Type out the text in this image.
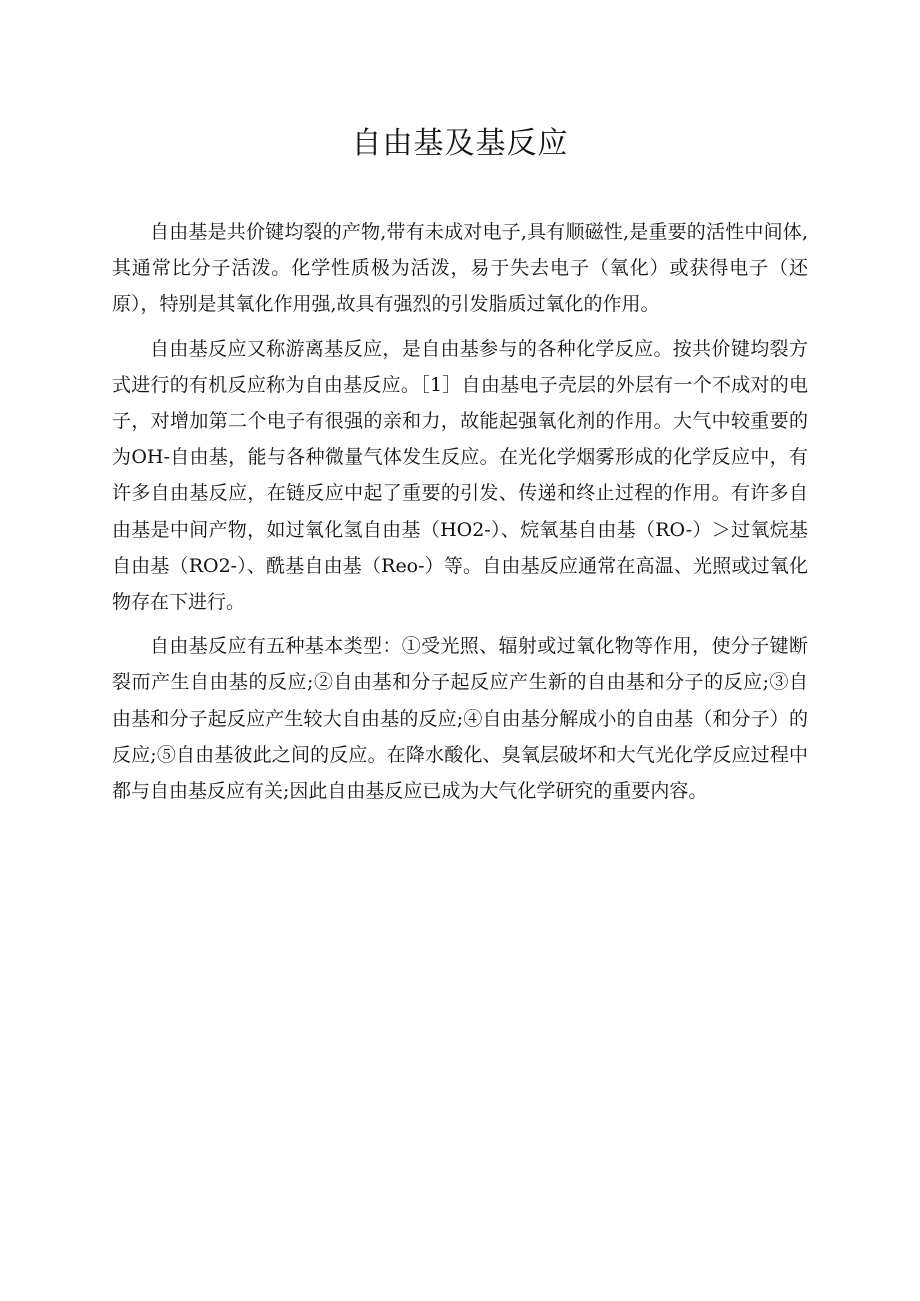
自由基及基反应

自由基是共价键均裂的产物,带有未成对电子,具有顺磁性,是重要的活性中间体,其通常比分子活泼。化学性质极为活泼，易于失去电子（氧化）或获得电子（还原），特别是其氧化作用强,故具有强烈的引发脂质过氧化的作用。

自由基反应又称游离基反应，是自由基参与的各种化学反应。按共价键均裂方式进行的有机反应称为自由基反应。［1］自由基电子壳层的外层有一个不成对的电子，对增加第二个电子有很强的亲和力，故能起强氧化剂的作用。大气中较重要的为OH-自由基，能与各种微量气体发生反应。在光化学烟雾形成的化学反应中，有许多自由基反应，在链反应中起了重要的引发、传递和终止过程的作用。有许多自由基是中间产物，如过氧化氢自由基（HO2-）、烷氧基自由基（RO-）＞过氧烷基自由基（RO2-）、酰基自由基（Reo-）等。自由基反应通常在高温、光照或过氧化物存在下进行。

自由基反应有五种基本类型：①受光照、辐射或过氧化物等作用，使分子键断裂而产生自由基的反应;②自由基和分子起反应产生新的自由基和分子的反应;③自由基和分子起反应产生较大自由基的反应;④自由基分解成小的自由基（和分子）的反应;⑤自由基彼此之间的反应。在降水酸化、臭氧层破坏和大气光化学反应过程中都与自由基反应有关;因此自由基反应已成为大气化学研究的重要内容。
